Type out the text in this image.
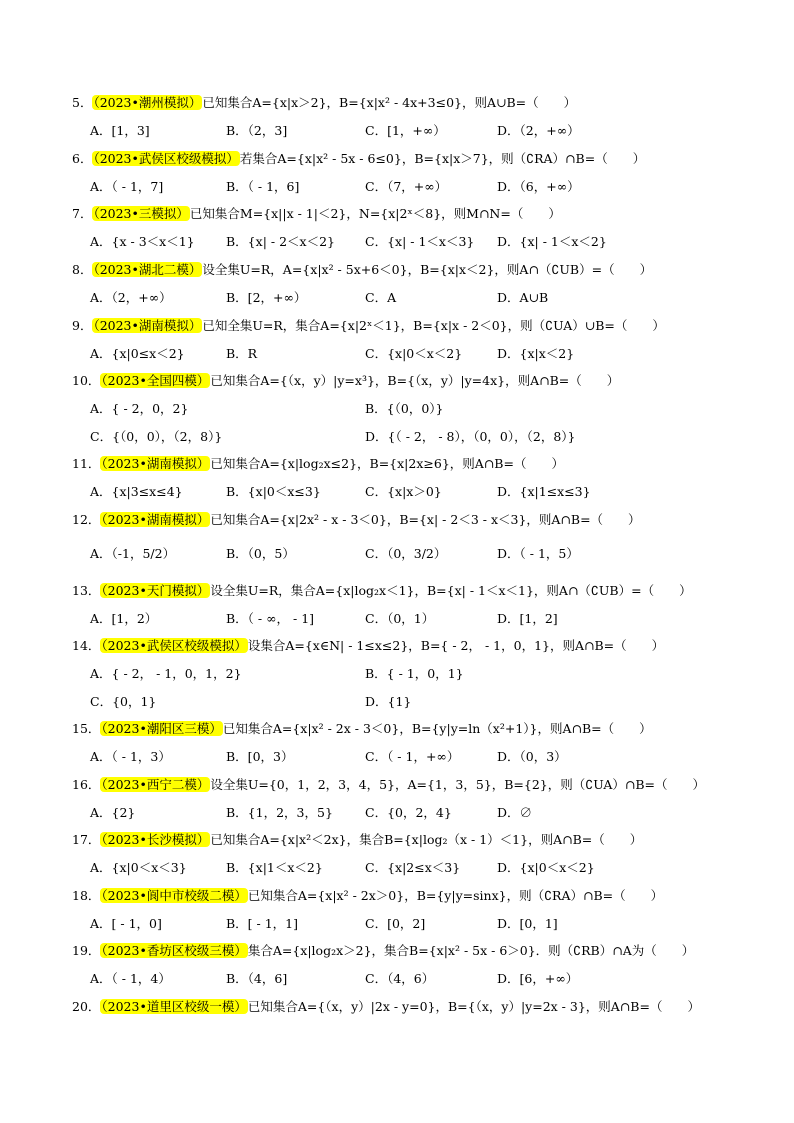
5．（2023•潮州模拟）已知集合A={x|x＞2}，B={x|x² - 4x+3≤0}，则A∪B=（　　）
A．[1，3]	B．（2，3]	C．[1，+∞）	D．（2，+∞）
6．（2023•武侯区校级模拟）若集合A={x|x² - 5x - 6≤0}，B={x|x＞7}，则（∁RA）∩B=（　　）
A．（ - 1，7]	B．（ - 1，6]	C．（7，+∞）	D．（6，+∞）
7．（2023•三模拟）已知集合M={x||x - 1|＜2}，N={x|2ˣ＜8}，则M∩N=（　　）
A．{x - 3＜x＜1}	B．{x| - 2＜x＜2} C．{x| - 1＜x＜3} D．{x| - 1＜x＜2}
8．（2023•湖北二模）设全集U=R，A={x|x² - 5x+6＜0}，B={x|x＜2}，则A∩（∁UB）=（　　）
A．（2，+∞）	B．[2，+∞）	C．A	D．A∪B
9．（2023•湖南模拟）已知全集U=R，集合A={x|2ˣ＜1}，B={x|x - 2＜0}，则（∁UA）∪B=（　　）
A．{x|0≤x＜2}	B．R	C．{x|0＜x＜2}	D．{x|x＜2}
10．（2023•全国四模）已知集合A={（x，y）|y=x³}，B={（x，y）|y=4x}，则A∩B=（　　）
A．{ - 2，0，2}	B．{（0，0）}
C．{（0，0），（2，8）}	D．{（ - 2， - 8），（0，0），（2，8）}
11．（2023•湖南模拟）已知集合A={x|log₂x≤2}，B={x|2x≥6}，则A∩B=（　　）
A．{x|3≤x≤4}	B．{x|0＜x≤3}	C．{x|x＞0}	D．{x|1≤x≤3}
12．（2023•湖南模拟）已知集合A={x|2x² - x - 3＜0}，B={x| - 2＜3 - x＜3}，则A∩B=（　　）
A．（-1，5/2）	B．（0，5）	C．（0，3/2）	D．（ - 1，5）
13．（2023•天门模拟）设全集U=R，集合A={x|log₂x＜1}，B={x| - 1＜x＜1}，则A∩（∁UB）=（　　）
A．[1，2）	B．（ - ∞， - 1]	C．（0，1）	D．[1，2]
14．（2023•武侯区校级模拟）设集合A={x∈N| - 1≤x≤2}，B={ - 2， - 1，0，1}，则A∩B=（　　）
A．{ - 2， - 1，0，1，2}	B．{ - 1，0，1}
C．{0，1}	D．{1}
15．（2023•潮阳区三模）已知集合A={x|x² - 2x - 3＜0}，B={y|y=ln（x²+1）}，则A∩B=（　　）
A．（ - 1，3）	B．[0，3）	C．（ - 1，+∞）	D．（0，3）
16．（2023•西宁二模）设全集U={0，1，2，3，4，5}，A={1，3，5}，B={2}，则（∁UA）∩B=（　　）
A．{2}	B．{1，2，3，5}	C．{0，2，4}	D．∅
17．（2023•长沙模拟）已知集合A={x|x²＜2x}，集合B={x|log₂（x - 1）＜1}，则A∩B=（　　）
A．{x|0＜x＜3}	B．{x|1＜x＜2}	C．{x|2≤x＜3}	D．{x|0＜x＜2}
18．（2023•阆中市校级二模）已知集合A={x|x² - 2x＞0}，B={y|y=sinx}，则（∁RA）∩B=（　　）
A．[ - 1，0]	B．[ - 1，1]	C．[0，2]	D．[0，1]
19．（2023•香坊区校级三模）集合A={x|log₂x＞2}，集合B={x|x² - 5x - 6＞0}．则（∁RB）∩A为（　　）
A．（ - 1，4）	B．（4，6]	C．（4，6）	D．[6，+∞）
20．（2023•道里区校级一模）已知集合A={（x，y）|2x - y=0}，B={（x，y）|y=2x - 3}，则A∩B=（　　）
